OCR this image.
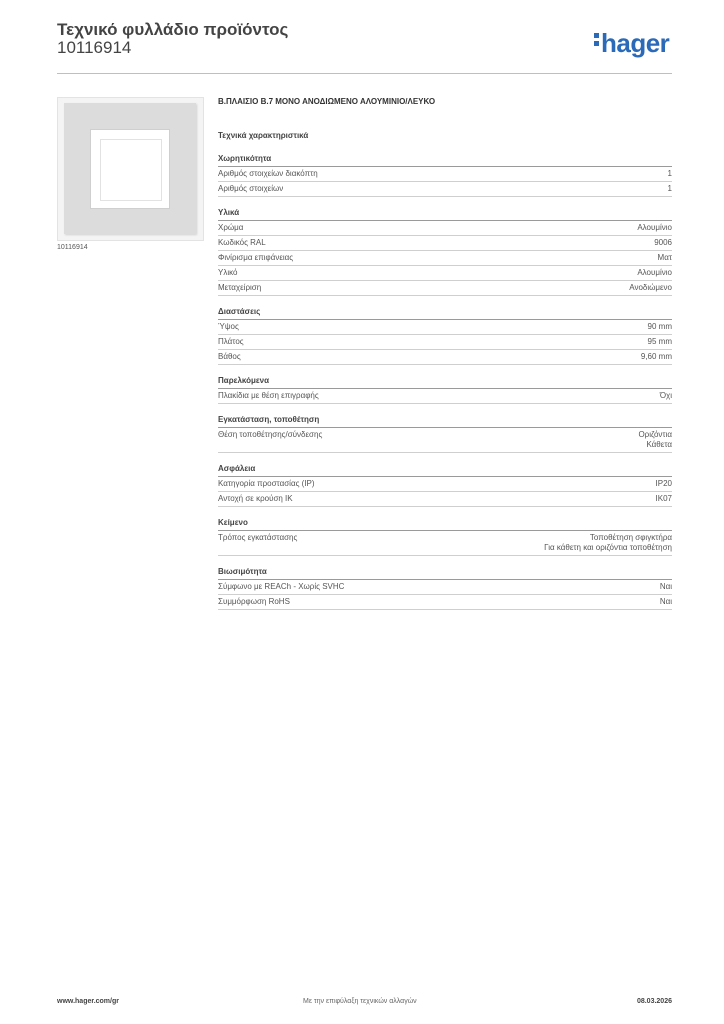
Τεχνικό φυλλάδιο προϊόντος
10116914	hager
10116914
B.ΠΛΑΙΣΙΟ B.7 ΜΟΝΟ ΑΝΟΔΙΩΜΕΝΟ ΑΛΟΥΜΙΝΙΟ/ΛΕΥΚΟ
Τεχνικά χαρακτηριστικά
Χωρητικότητα
Αριθμός στοιχείων διακόπτη	1
Αριθμός στοιχείων	1
Υλικά
Χρώμα	Αλουμίνιο
Κωδικός RAL	9006
Φινίρισμα επιφάνειας	Ματ
Υλικό	Αλουμίνιο
Μεταχείριση	Ανοδιώμενο
Διαστάσεις
Ύψος	90 mm
Πλάτος	95 mm
Βάθος	9,60 mm
Παρελκόμενα
Πλακίδια με θέση επιγραφής	Όχι
Εγκατάσταση, τοποθέτηση
Θέση τοποθέτησης/σύνδεσης	Οριζόντια
Κάθετα
Ασφάλεια
Κατηγορία προστασίας (IP)	IP20
Αντοχή σε κρούση IK	IK07
Κείμενο
Τρόπος εγκατάστασης	Τοποθέτηση σφιγκτήρα
Για κάθετη και οριζόντια τοποθέτηση
Βιωσιμότητα
Σύμφωνο με REACh - Χωρίς SVHC	Ναι
Συμμόρφωση RoHS	Ναι
www.hager.com/gr	Με την επιφύλαξη τεχνικών αλλαγών	08.03.2026
